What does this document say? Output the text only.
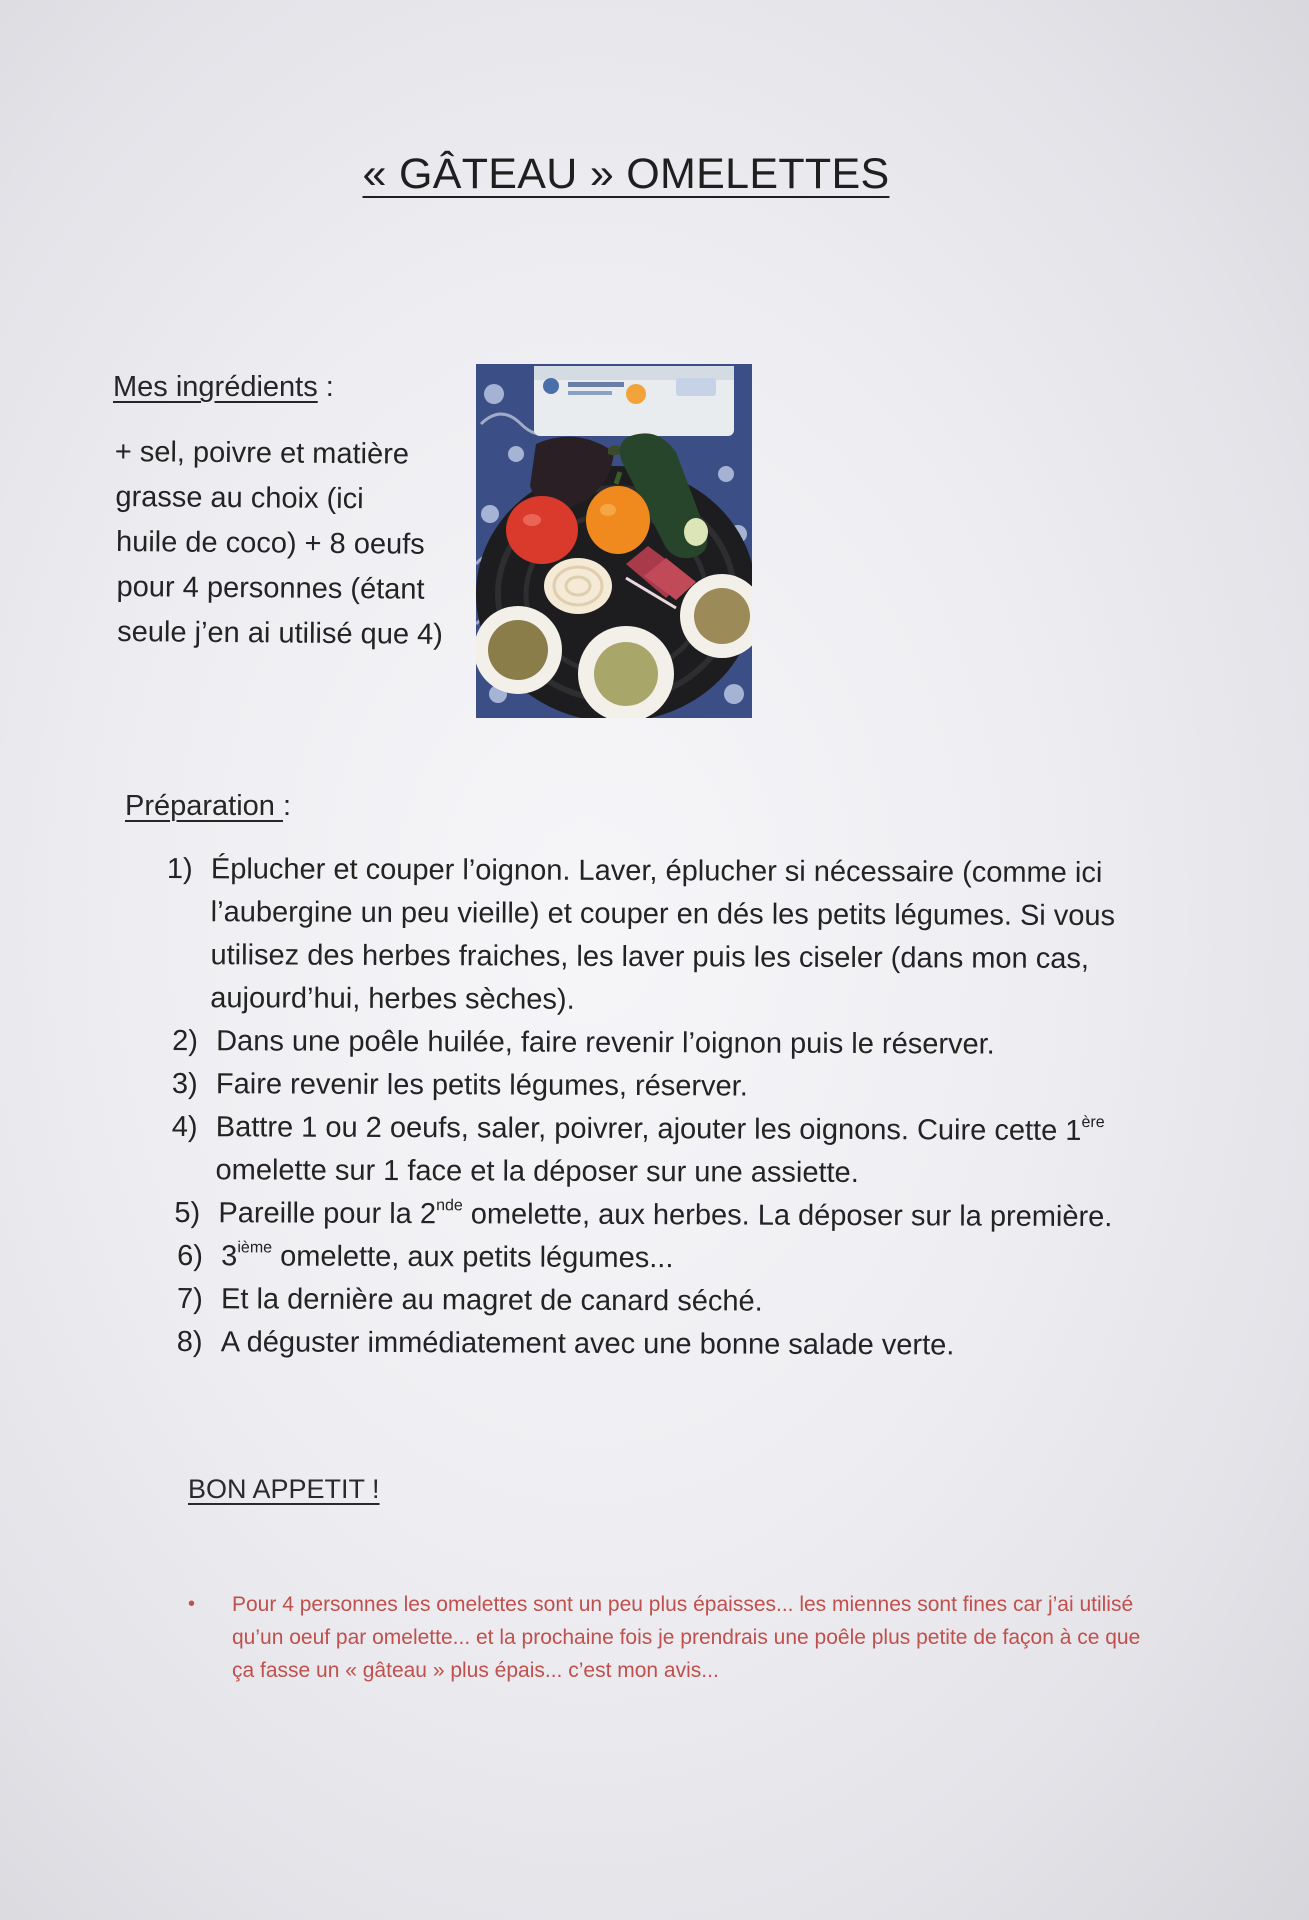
« GÂTEAU » OMELETTES
Mes ingrédients :
+ sel, poivre et matière
grasse au choix (ici
huile de coco) + 8 oeufs
pour 4 personnes (étant
seule j’en ai utilisé que 4)
Préparation :
1) Éplucher et couper l’oignon. Laver, éplucher si nécessaire (comme ici l’aubergine un peu vieille) et couper en dés les petits légumes. Si vous utilisez des herbes fraiches, les laver puis les ciseler (dans mon cas, aujourd’hui, herbes sèches).
2) Dans une poêle huilée, faire revenir l’oignon puis le réserver.
3) Faire revenir les petits légumes, réserver.
4) Battre 1 ou 2 oeufs, saler, poivrer, ajouter les oignons. Cuire cette 1ère omelette sur 1 face et la déposer sur une assiette.
5) Pareille pour la 2nde omelette, aux herbes. La déposer sur la première.
6) 3ième omelette, aux petits légumes...
7) Et la dernière au magret de canard séché.
8) A déguster immédiatement avec une bonne salade verte.
BON APPETIT !
•	Pour 4 personnes les omelettes sont un peu plus épaisses... les miennes sont fines car j’ai utilisé qu’un oeuf par omelette... et la prochaine fois je prendrais une poêle plus petite de façon à ce que ça fasse un « gâteau » plus épais... c’est mon avis...
